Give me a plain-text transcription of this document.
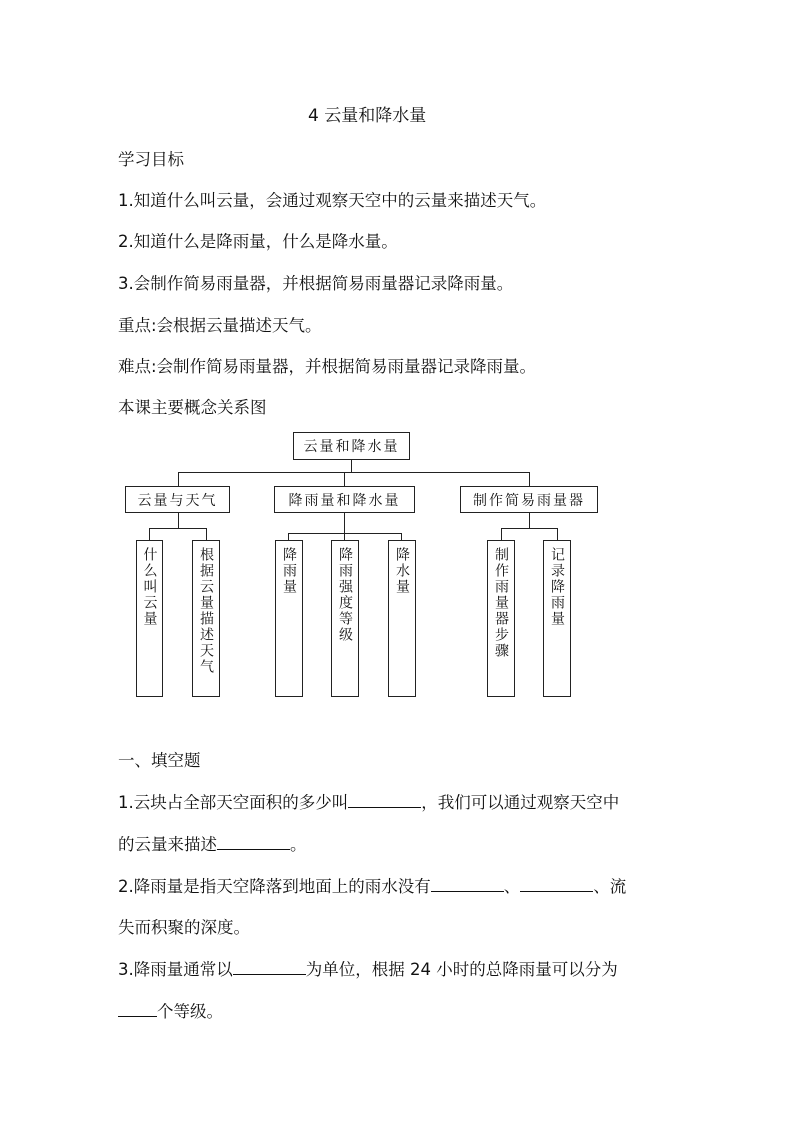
4 云量和降水量
学习目标
1.知道什么叫云量，会通过观察天空中的云量来描述天气。
2.知道什么是降雨量，什么是降水量。
3.会制作简易雨量器，并根据简易雨量器记录降雨量。
重点:会根据云量描述天气。
难点:会制作简易雨量器，并根据简易雨量器记录降雨量。
本课主要概念关系图
云量和降水量
云量与天气	降雨量和降水量	制作简易雨量器
什么叫云量	根据云量描述天气	降雨量	降雨强度等级	降水量	制作雨量器步骤	记录降雨量
一、填空题
1.云块占全部天空面积的多少叫	，我们可以通过观察天空中
的云量来描述	。
2.降雨量是指天空降落到地面上的雨水没有	、	、流
失而积聚的深度。
3.降雨量通常以	为单位，根据 24 小时的总降雨量可以分为
个等级。
